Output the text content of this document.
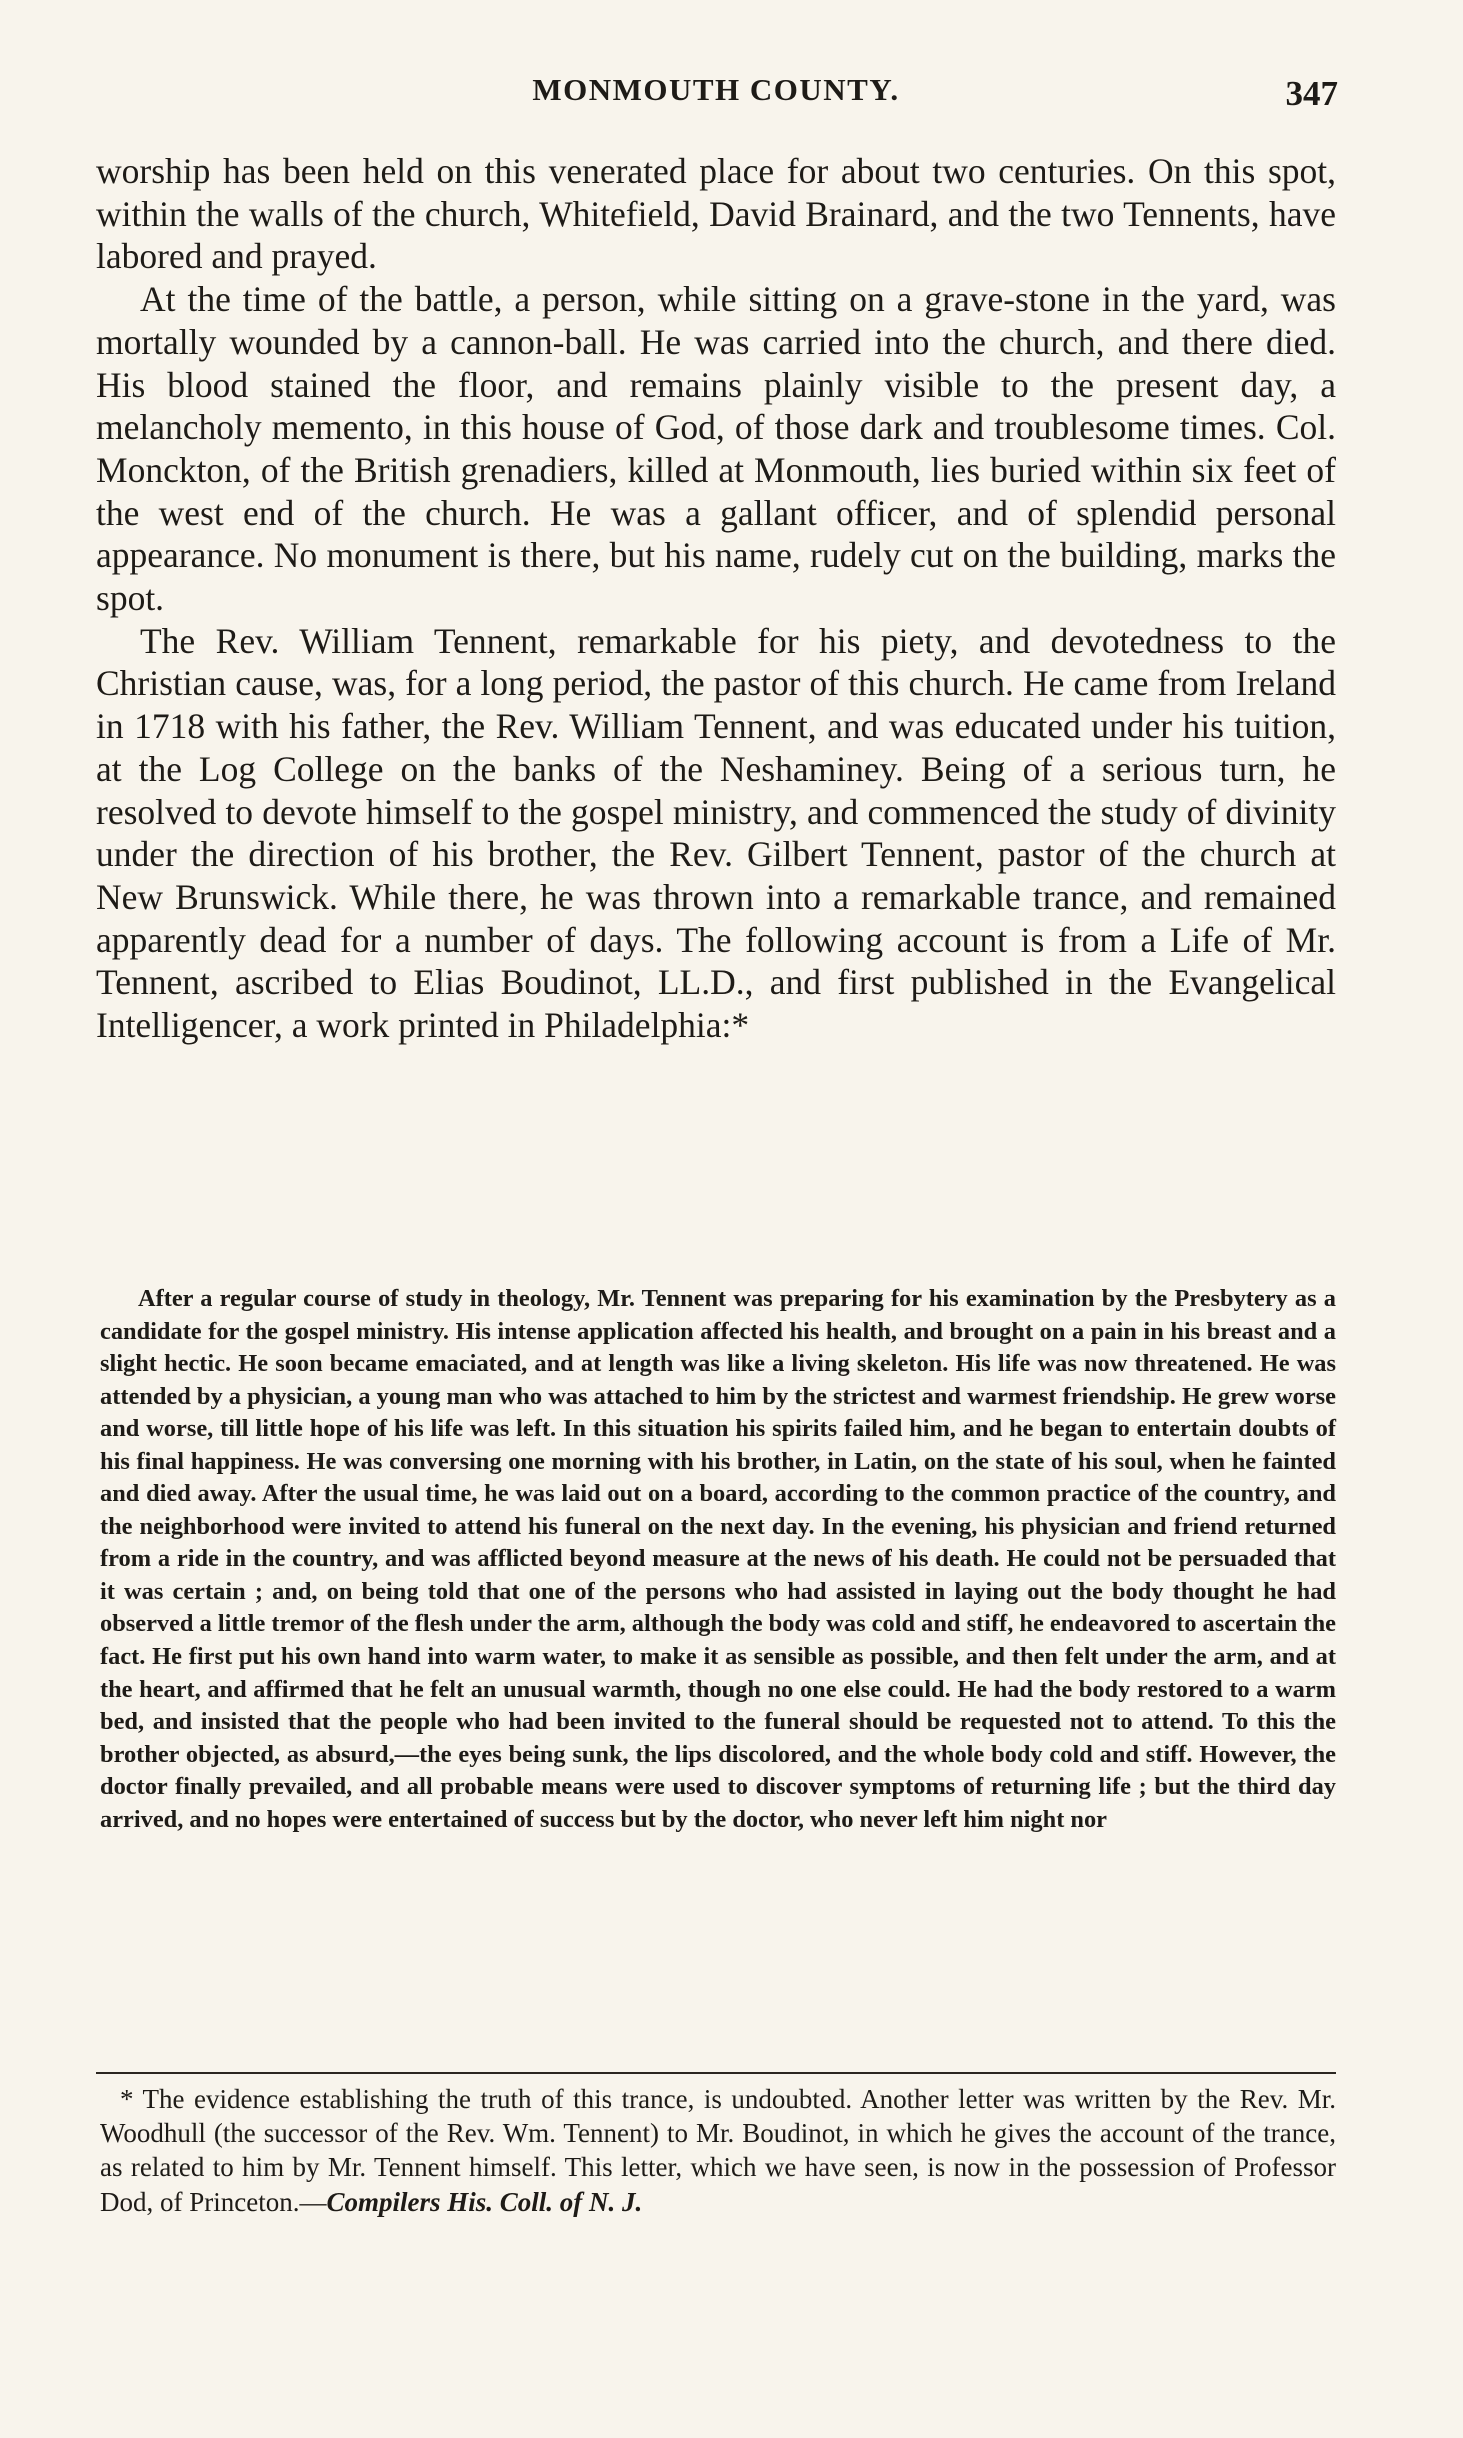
MONMOUTH COUNTY.	347

worship has been held on this venerated place for about two centuries. On this spot, within the walls of the church, Whitefield, David Brainard, and the two Tennents, have labored and prayed.

At the time of the battle, a person, while sitting on a grave-stone in the yard, was mortally wounded by a cannon-ball. He was carried into the church, and there died. His blood stained the floor, and remains plainly visible to the present day, a melancholy memento, in this house of God, of those dark and troublesome times. Col. Monckton, of the British grenadiers, killed at Monmouth, lies buried within six feet of the west end of the church. He was a gallant officer, and of splendid personal appearance. No monument is there, but his name, rudely cut on the building, marks the spot.

The Rev. William Tennent, remarkable for his piety, and devotedness to the Christian cause, was, for a long period, the pastor of this church. He came from Ireland in 1718 with his father, the Rev. William Tennent, and was educated under his tuition, at the Log College on the banks of the Neshaminey. Being of a serious turn, he resolved to devote himself to the gospel ministry, and commenced the study of divinity under the direction of his brother, the Rev. Gilbert Tennent, pastor of the church at New Brunswick. While there, he was thrown into a remarkable trance, and remained apparently dead for a number of days. The following account is from a Life of Mr. Tennent, ascribed to Elias Boudinot, LL.D., and first published in the Evangelical Intelligencer, a work printed in Philadelphia:*

After a regular course of study in theology, Mr. Tennent was preparing for his examination by the Presbytery as a candidate for the gospel ministry. His intense application affected his health, and brought on a pain in his breast and a slight hectic. He soon became emaciated, and at length was like a living skeleton. His life was now threatened. He was attended by a physician, a young man who was attached to him by the strictest and warmest friendship. He grew worse and worse, till little hope of his life was left. In this situation his spirits failed him, and he began to entertain doubts of his final happiness. He was conversing one morning with his brother, in Latin, on the state of his soul, when he fainted and died away. After the usual time, he was laid out on a board, according to the common practice of the country, and the neighborhood were invited to attend his funeral on the next day. In the evening, his physician and friend returned from a ride in the country, and was afflicted beyond measure at the news of his death. He could not be persuaded that it was certain ; and, on being told that one of the persons who had assisted in laying out the body thought he had observed a little tremor of the flesh under the arm, although the body was cold and stiff, he endeavored to ascertain the fact. He first put his own hand into warm water, to make it as sensible as possible, and then felt under the arm, and at the heart, and affirmed that he felt an unusual warmth, though no one else could. He had the body restored to a warm bed, and insisted that the people who had been invited to the funeral should be requested not to attend. To this the brother objected, as absurd,—the eyes being sunk, the lips discolored, and the whole body cold and stiff. However, the doctor finally prevailed, and all probable means were used to discover symptoms of returning life ; but the third day arrived, and no hopes were entertained of success but by the doctor, who never left him night nor

* The evidence establishing the truth of this trance, is undoubted. Another letter was written by the Rev. Mr. Woodhull (the successor of the Rev. Wm. Tennent) to Mr. Boudinot, in which he gives the account of the trance, as related to him by Mr. Tennent himself. This letter, which we have seen, is now in the possession of Professor Dod, of Princeton.—Compilers His. Coll. of N. J.
